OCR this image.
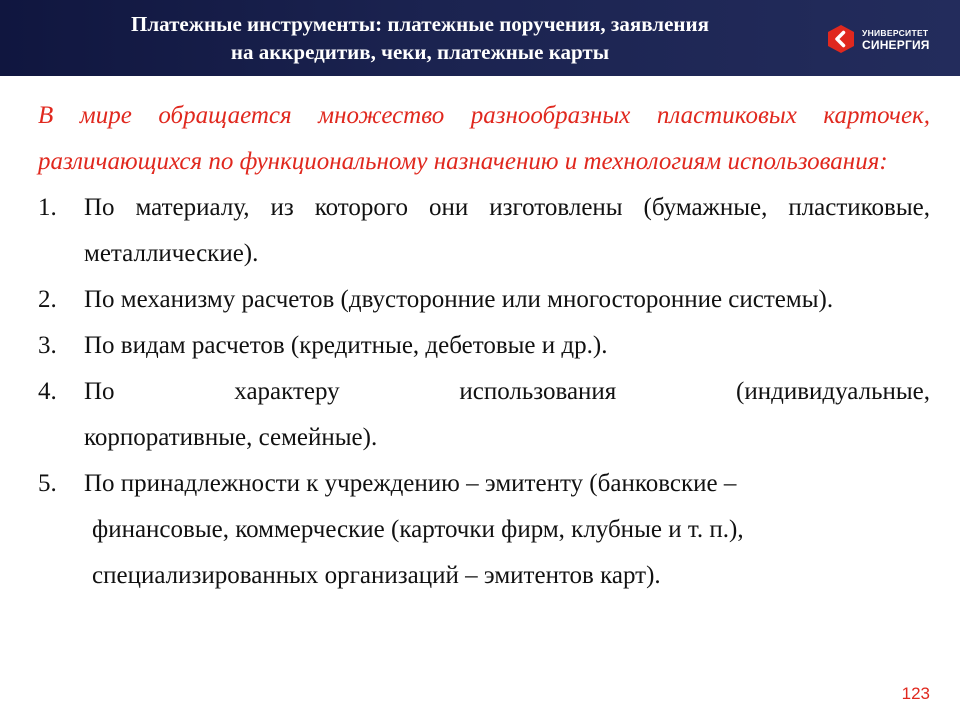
Платежные инструменты: платежные поручения, заявления
на аккредитив, чеки, платежные карты
УНИВЕРСИТЕТ
СИНЕРГИЯ

В мире обращается множество разнообразных пластиковых карточек, различающихся по функциональному назначению и технологиям использования:

1. По материалу, из которого они изготовлены (бумажные, пластиковые, металлические).
2. По механизму расчетов (двусторонние или многосторонние системы).
3. По видам расчетов (кредитные, дебетовые и др.).
4. По характеру использования (индивидуальные,
корпоративные, семейные).
5. По принадлежности к учреждению – эмитенту (банковские –
финансовые, коммерческие (карточки фирм, клубные и т. п.),
специализированных организаций – эмитентов карт).
123
